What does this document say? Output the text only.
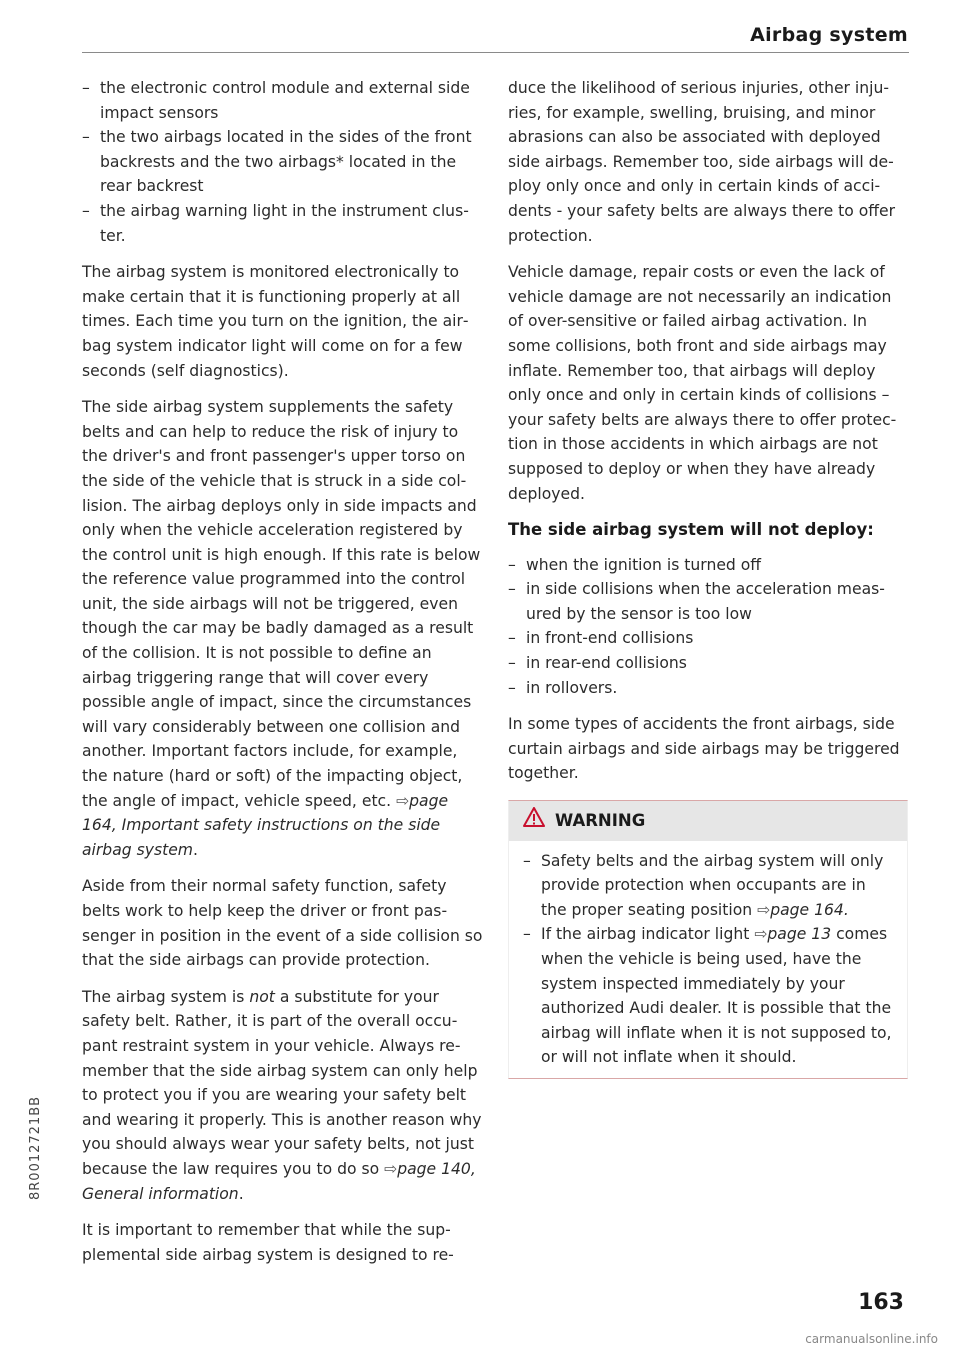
Airbag system
– the electronic control module and external side impact sensors
– the two airbags located in the sides of the front backrests and the two airbags* located in the rear backrest
– the airbag warning light in the instrument cluster.

The airbag system is monitored electronically to make certain that it is functioning properly at all times. Each time you turn on the ignition, the airbag system indicator light will come on for a few seconds (self diagnostics).

The side airbag system supplements the safety belts and can help to reduce the risk of injury to the driver's and front passenger's upper torso on the side of the vehicle that is struck in a side collision. The airbag deploys only in side impacts and only when the vehicle acceleration registered by the control unit is high enough. If this rate is below the reference value programmed into the control unit, the side airbags will not be triggered, even though the car may be badly damaged as a result of the collision. It is not possible to define an airbag triggering range that will cover every possible angle of impact, since the circumstances will vary considerably between one collision and another. Important factors include, for example, the nature (hard or soft) of the impacting object, the angle of impact, vehicle speed, etc. ⇨page 164, Important safety instructions on the side airbag system.

Aside from their normal safety function, safety belts work to help keep the driver or front passenger in position in the event of a side collision so that the side airbags can provide protection.

The airbag system is not a substitute for your safety belt. Rather, it is part of the overall occupant restraint system in your vehicle. Always remember that the side airbag system can only help to protect you if you are wearing your safety belt and wearing it properly. This is another reason why you should always wear your safety belts, not just because the law requires you to do so ⇨page 140, General information.

It is important to remember that while the supplemental side airbag system is designed to re-

duce the likelihood of serious injuries, other injuries, for example, swelling, bruising, and minor abrasions can also be associated with deployed side airbags. Remember too, side airbags will deploy only once and only in certain kinds of accidents - your safety belts are always there to offer protection.

Vehicle damage, repair costs or even the lack of vehicle damage are not necessarily an indication of over-sensitive or failed airbag activation. In some collisions, both front and side airbags may inflate. Remember too, that airbags will deploy only once and only in certain kinds of collisions – your safety belts are always there to offer protection in those accidents in which airbags are not supposed to deploy or when they have already deployed.

The side airbag system will not deploy:
– when the ignition is turned off
– in side collisions when the acceleration measured by the sensor is too low
– in front-end collisions
– in rear-end collisions
– in rollovers.

In some types of accidents the front airbags, side curtain airbags and side airbags may be triggered together.

WARNING
– Safety belts and the airbag system will only provide protection when occupants are in the proper seating position ⇨page 164.
– If the airbag indicator light ⇨page 13 comes when the vehicle is being used, have the system inspected immediately by your authorized Audi dealer. It is possible that the airbag will inflate when it is not supposed to, or will not inflate when it should.
8R0012721BB
163
carmanualsonline.info
